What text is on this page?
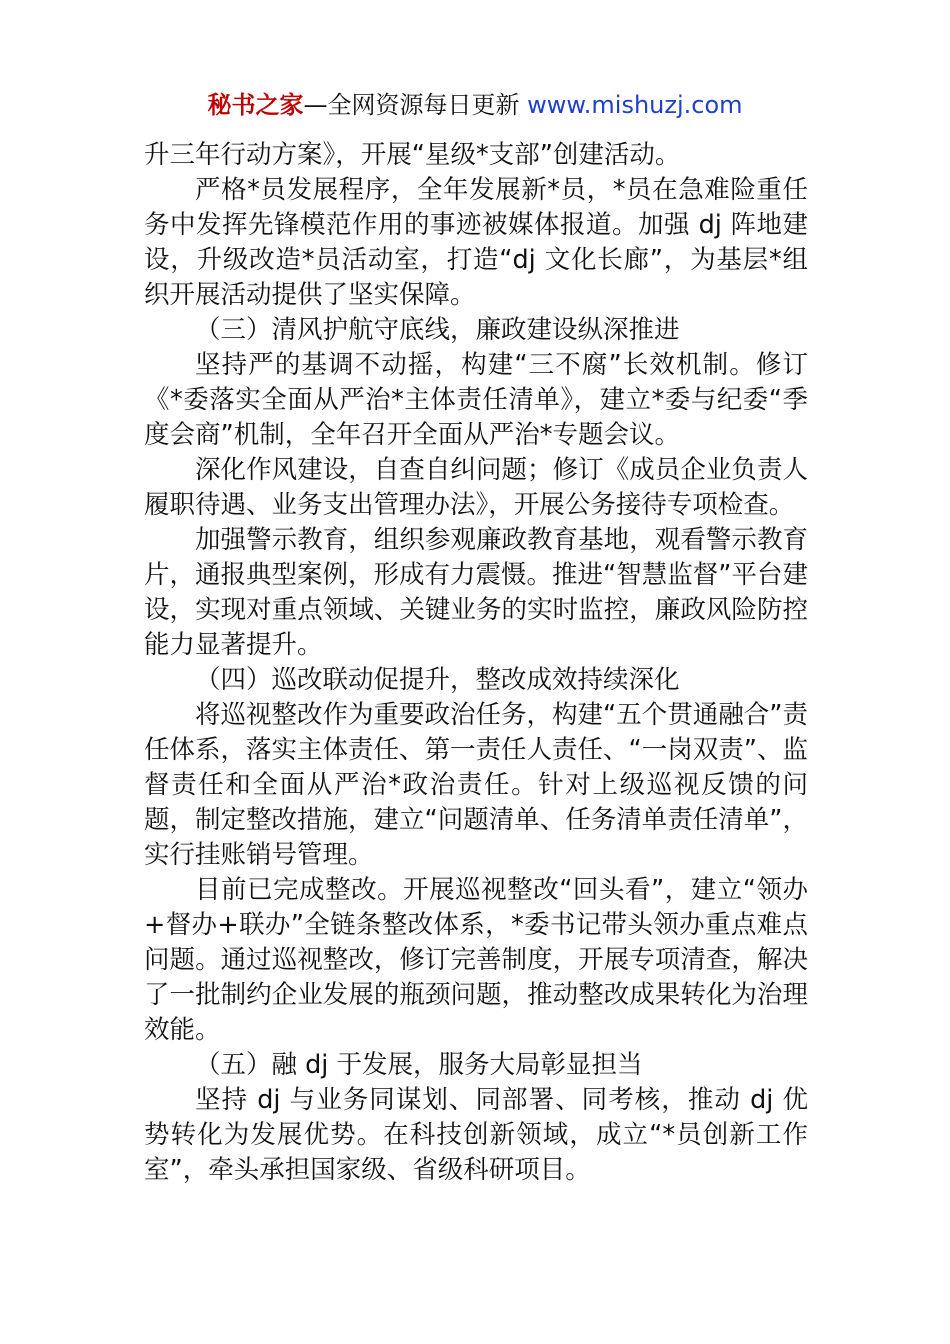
秘书之家—全网资源每日更新 www.mishuzj.com

升三年行动方案》，开展“星级*支部”创建活动。

严格*员发展程序，全年发展新*员，*员在急难险重任务中发挥先锋模范作用的事迹被媒体报道。加强 dj 阵地建设，升级改造*员活动室，打造“dj 文化长廊”，为基层*组织开展活动提供了坚实保障。

（三）清风护航守底线，廉政建设纵深推进

坚持严的基调不动摇，构建“三不腐”长效机制。修订《*委落实全面从严治*主体责任清单》，建立*委与纪委“季度会商”机制，全年召开全面从严治*专题会议。

深化作风建设，自查自纠问题；修订《成员企业负责人履职待遇、业务支出管理办法》，开展公务接待专项检查。

加强警示教育，组织参观廉政教育基地，观看警示教育片，通报典型案例，形成有力震慑。推进“智慧监督”平台建设，实现对重点领域、关键业务的实时监控，廉政风险防控能力显著提升。

（四）巡改联动促提升，整改成效持续深化

将巡视整改作为重要政治任务，构建“五个贯通融合”责任体系，落实主体责任、第一责任人责任、“一岗双责”、监督责任和全面从严治*政治责任。针对上级巡视反馈的问题，制定整改措施，建立“问题清单、任务清单责任清单”，实行挂账销号管理。

目前已完成整改。开展巡视整改“回头看”，建立“领办+督办+联办”全链条整改体系，*委书记带头领办重点难点问题。通过巡视整改，修订完善制度，开展专项清查，解决了一批制约企业发展的瓶颈问题，推动整改成果转化为治理效能。

（五）融 dj 于发展，服务大局彰显担当

坚持 dj 与业务同谋划、同部署、同考核，推动 dj 优势转化为发展优势。在科技创新领域，成立“*员创新工作室”，牵头承担国家级、省级科研项目。
